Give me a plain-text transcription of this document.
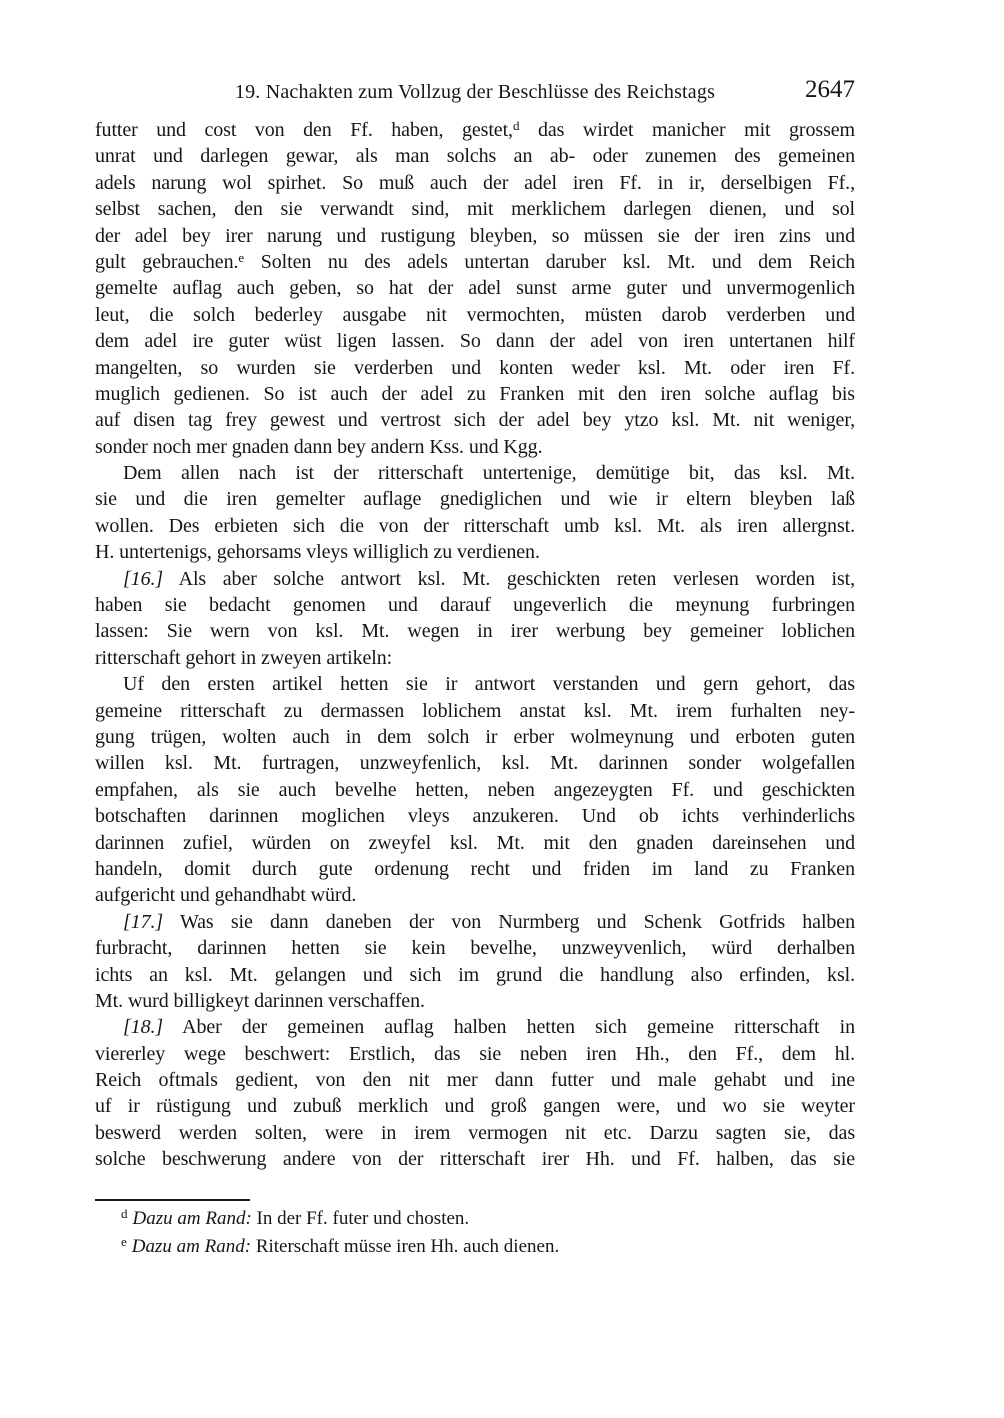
19. Nachakten zum Vollzug der Beschlüsse des Reichstags	2647
futter und cost von den Ff. haben, gestet,$^d$ das wirdet manicher mit grossem
unrat und darlegen gewar, als man solchs an ab- oder zunemen des gemeinen
adels narung wol spirhet. So muß auch der adel iren Ff. in ir, derselbigen Ff.,
selbst sachen, den sie verwandt sind, mit merklichem darlegen dienen, und sol
der adel bey irer narung und rustigung bleyben, so müssen sie der iren zins und
gult gebrauchen.$^e$ Solten nu des adels untertan daruber ksl. Mt. und dem Reich
gemelte auflag auch geben, so hat der adel sunst arme guter und unvermogenlich
leut, die solch bederley ausgabe nit vermochten, müsten darob verderben und
dem adel ire guter wüst ligen lassen. So dann der adel von iren untertanen hilf
mangelten, so wurden sie verderben und konten weder ksl. Mt. oder iren Ff.
muglich gedienen. So ist auch der adel zu Franken mit den iren solche auflag bis
auf disen tag frey gewest und vertrost sich der adel bey ytzo ksl. Mt. nit weniger,
sonder noch mer gnaden dann bey andern Kss. und Kgg.
Dem allen nach ist der ritterschaft untertenige, demütige bit, das ksl. Mt.
sie und die iren gemelter auflage gnediglichen und wie ir eltern bleyben laß
wollen. Des erbieten sich die von der ritterschaft umb ksl. Mt. als iren allergnst.
H. untertenigs, gehorsams vleys williglich zu verdienen.
[16.] Als aber solche antwort ksl. Mt. geschickten reten verlesen worden ist,
haben sie bedacht genomen und darauf ungeverlich die meynung furbringen
lassen: Sie wern von ksl. Mt. wegen in irer werbung bey gemeiner loblichen
ritterschaft gehort in zweyen artikeln:
Uf den ersten artikel hetten sie ir antwort verstanden und gern gehort, das
gemeine ritterschaft zu dermassen loblichem anstat ksl. Mt. irem furhalten ney-
gung trügen, wolten auch in dem solch ir erber wolmeynung und erboten guten
willen ksl. Mt. furtragen, unzweyfenlich, ksl. Mt. darinnen sonder wolgefallen
empfahen, als sie auch bevelhe hetten, neben angezeygten Ff. und geschickten
botschaften darinnen moglichen vleys anzukeren. Und ob ichts verhinderlichs
darinnen zufiel, würden on zweyfel ksl. Mt. mit den gnaden dareinsehen und
handeln, domit durch gute ordenung recht und friden im land zu Franken
aufgericht und gehandhabt würd.
[17.] Was sie dann daneben der von Nurmberg und Schenk Gotfrids halben
furbracht, darinnen hetten sie kein bevelhe, unzweyvenlich, würd derhalben
ichts an ksl. Mt. gelangen und sich im grund die handlung also erfinden, ksl.
Mt. wurd billigkeyt darinnen verschaffen.
[18.] Aber der gemeinen auflag halben hetten sich gemeine ritterschaft in
viererley wege beschwert: Erstlich, das sie neben iren Hh., den Ff., dem hl.
Reich oftmals gedient, von den nit mer dann futter und male gehabt und ine
uf ir rüstigung und zubuß merklich und groß gangen were, und wo sie weyter
beswerd werden solten, were in irem vermogen nit etc. Darzu sagten sie, das
solche beschwerung andere von der ritterschaft irer Hh. und Ff. halben, das sie
$^d$ Dazu am Rand: In der Ff. futer und chosten.
$^e$ Dazu am Rand: Riterschaft müsse iren Hh. auch dienen.
